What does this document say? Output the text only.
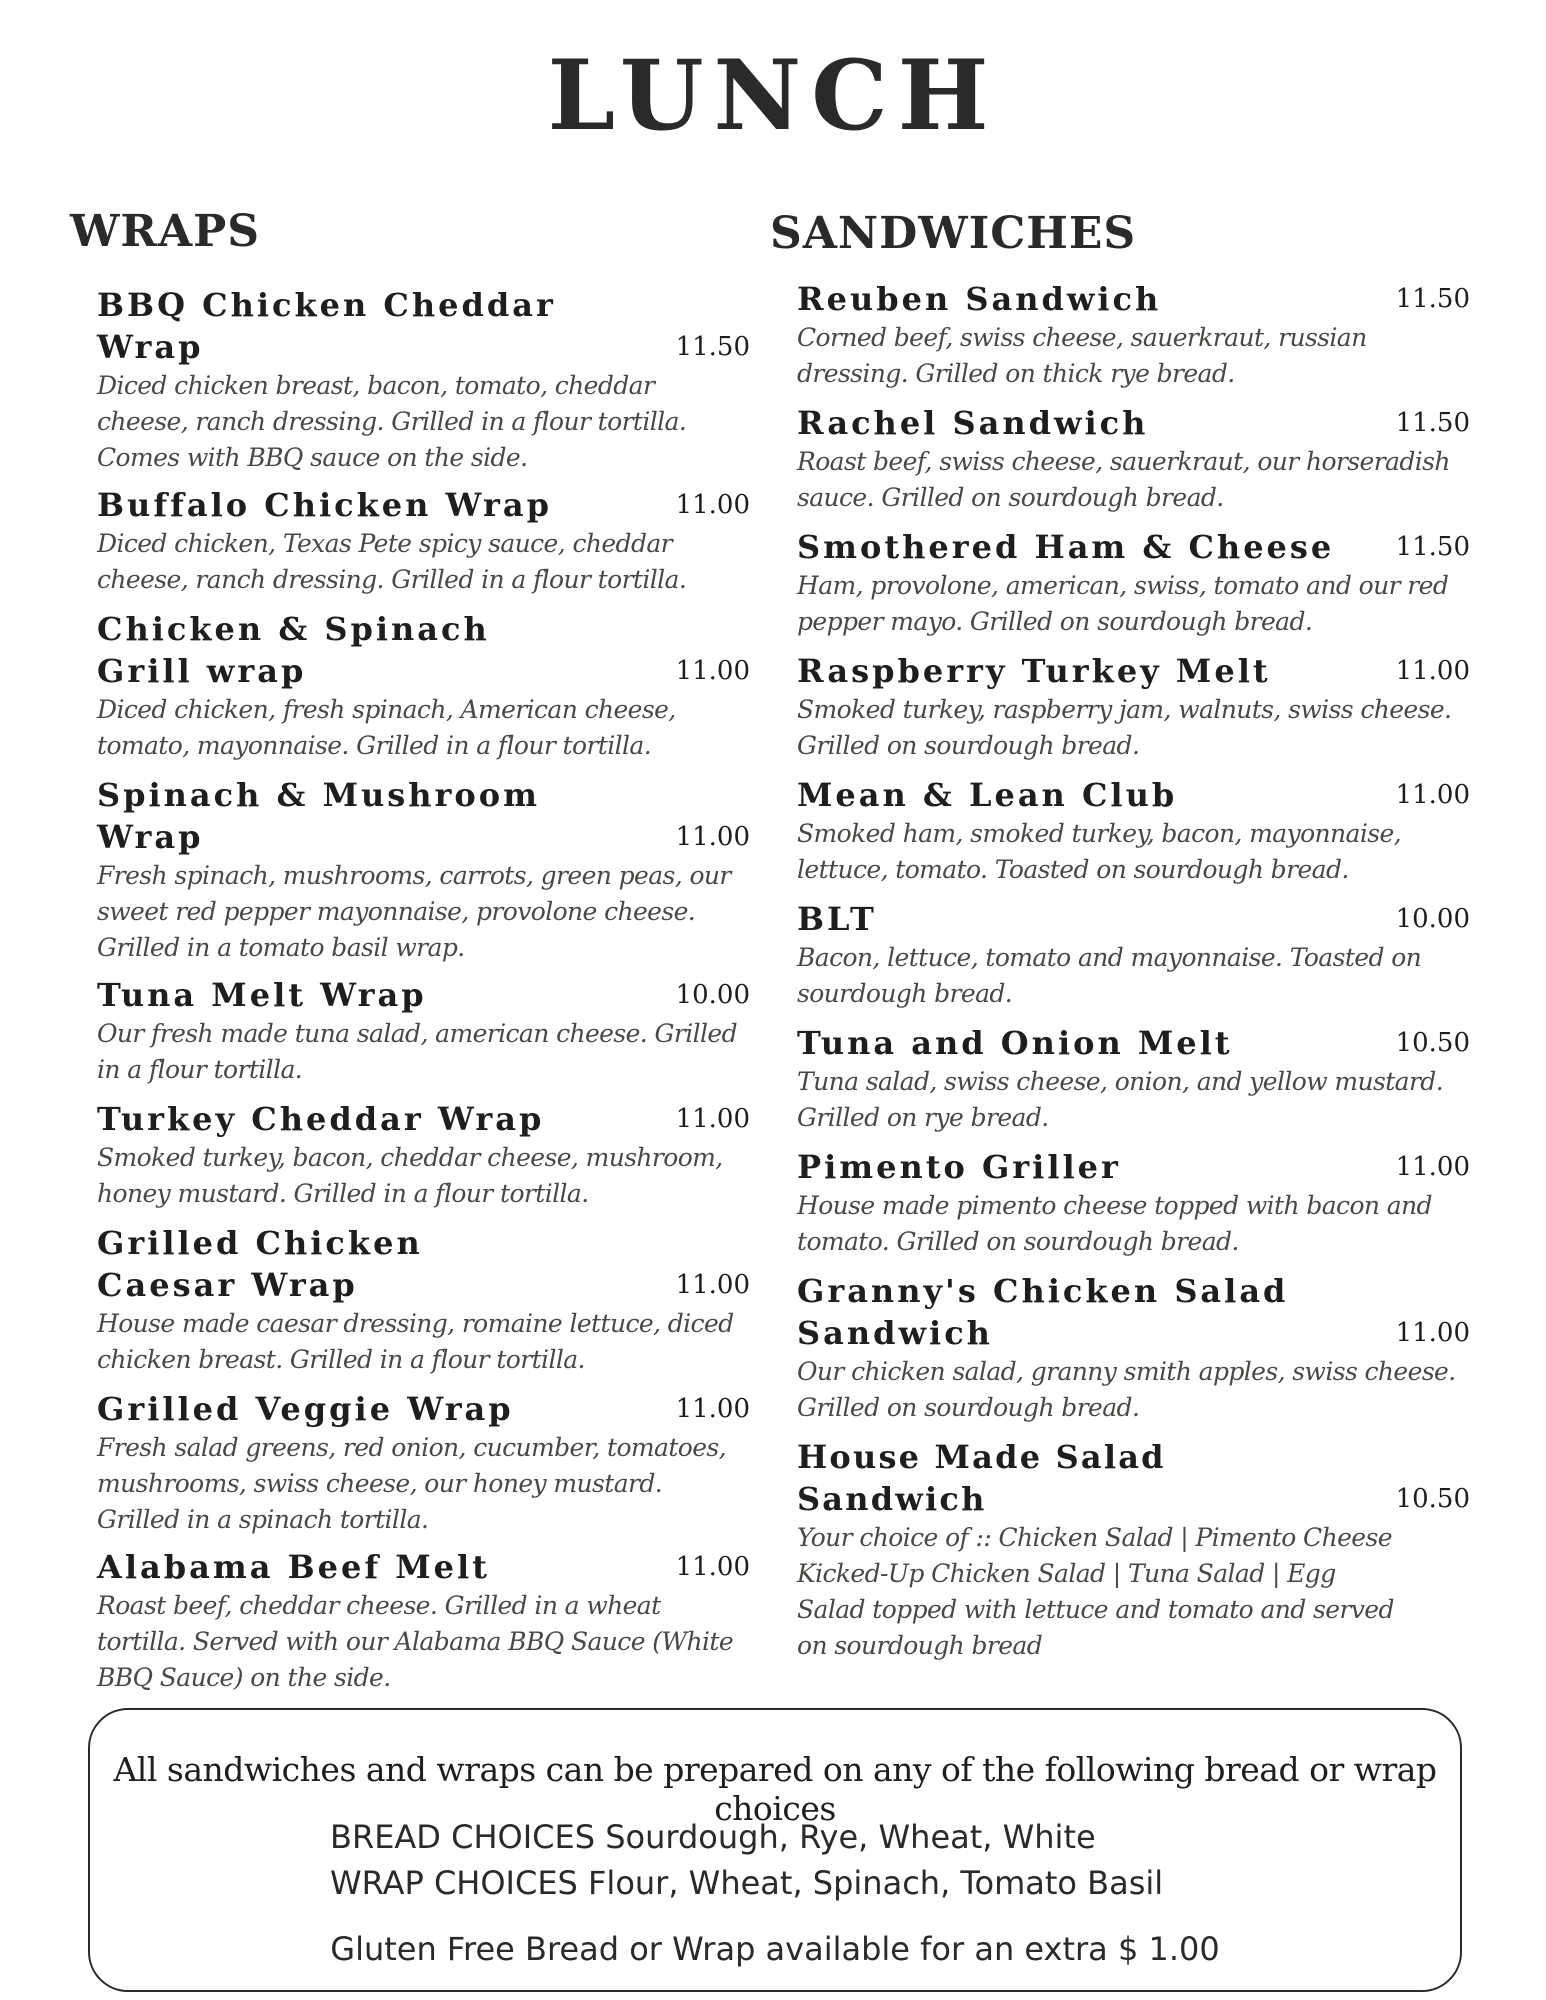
LUNCH
WRAPS
BBQ Chicken Cheddar Wrap	11.50
Diced chicken breast, bacon, tomato, cheddar cheese, ranch dressing. Grilled in a flour tortilla. Comes with BBQ sauce on the side.
Buffalo Chicken Wrap	11.00
Diced chicken, Texas Pete spicy sauce, cheddar cheese, ranch dressing. Grilled in a flour tortilla.
Chicken & Spinach Grill wrap	11.00
Diced chicken, fresh spinach, American cheese, tomato, mayonnaise. Grilled in a flour tortilla.
Spinach & Mushroom Wrap	11.00
Fresh spinach, mushrooms, carrots, green peas, our sweet red pepper mayonnaise, provolone cheese. Grilled in a tomato basil wrap.
Tuna Melt Wrap	10.00
Our fresh made tuna salad, american cheese. Grilled in a flour tortilla.
Turkey Cheddar Wrap	11.00
Smoked turkey, bacon, cheddar cheese, mushroom, honey mustard. Grilled in a flour tortilla.
Grilled Chicken Caesar Wrap	11.00
House made caesar dressing, romaine lettuce, diced chicken breast. Grilled in a flour tortilla.
Grilled Veggie Wrap	11.00
Fresh salad greens, red onion, cucumber, tomatoes, mushrooms, swiss cheese, our honey mustard. Grilled in a spinach tortilla.
Alabama Beef Melt	11.00
Roast beef, cheddar cheese. Grilled in a wheat tortilla. Served with our Alabama BBQ Sauce (White BBQ Sauce) on the side.
SANDWICHES
Reuben Sandwich	11.50
Corned beef, swiss cheese, sauerkraut, russian dressing. Grilled on thick rye bread.
Rachel Sandwich	11.50
Roast beef, swiss cheese, sauerkraut, our horseradish sauce. Grilled on sourdough bread.
Smothered Ham & Cheese	11.50
Ham, provolone, american, swiss, tomato and our red pepper mayo. Grilled on sourdough bread.
Raspberry Turkey Melt	11.00
Smoked turkey, raspberry jam, walnuts, swiss cheese. Grilled on sourdough bread.
Mean & Lean Club	11.00
Smoked ham, smoked turkey, bacon, mayonnaise, lettuce, tomato. Toasted on sourdough bread.
BLT	10.00
Bacon, lettuce, tomato and mayonnaise. Toasted on sourdough bread.
Tuna and Onion Melt	10.50
Tuna salad, swiss cheese, onion, and yellow mustard. Grilled on rye bread.
Pimento Griller	11.00
House made pimento cheese topped with bacon and tomato. Grilled on sourdough bread.
Granny's Chicken Salad Sandwich	11.00
Our chicken salad, granny smith apples, swiss cheese. Grilled on sourdough bread.
House Made Salad Sandwich	10.50
Your choice of :: Chicken Salad | Pimento Cheese Kicked-Up Chicken Salad | Tuna Salad | Egg Salad topped with lettuce and tomato and served on sourdough bread
All sandwiches and wraps can be prepared on any of the following bread or wrap choices
BREAD CHOICES Sourdough, Rye, Wheat, White
WRAP CHOICES Flour, Wheat, Spinach, Tomato Basil
Gluten Free Bread or Wrap available for an extra $ 1.00
